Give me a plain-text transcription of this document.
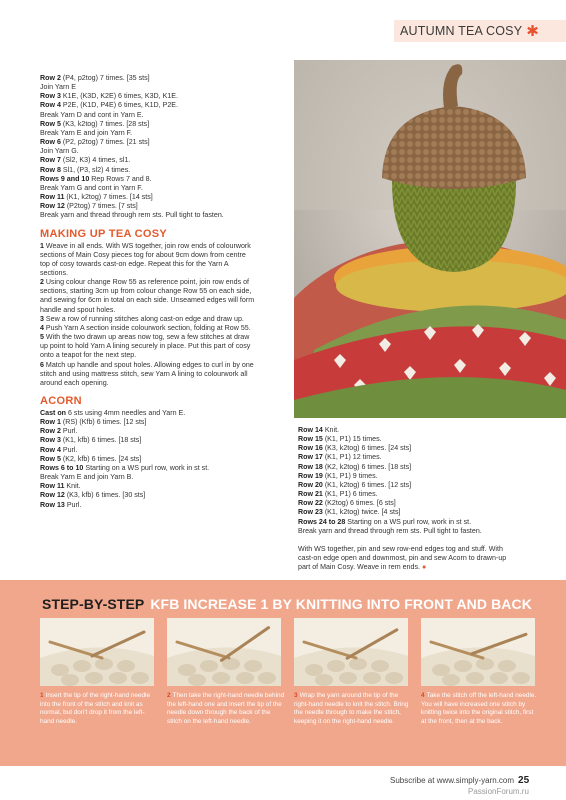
AUTUMN TEA COSY ✱
Row 2 (P4, p2tog) 7 times. [35 sts]
Join Yarn E
Row 3 K1E, (K3D, K2E) 6 times, K3D, K1E.
Row 4 P2E, (K1D, P4E) 6 times, K1D, P2E.
Break Yarn D and cont in Yarn E.
Row 5 (K3, k2tog) 7 times. [28 sts]
Break Yarn E and join Yarn F.
Row 6 (P2, p2tog) 7 times. [21 sts]
Join Yarn G.
Row 7 (Sl2, K3) 4 times, sl1.
Row 8 Sl1, (P3, sl2) 4 times.
Rows 9 and 10 Rep Rows 7 and 8.
Break Yarn G and cont in Yarn F.
Row 11 (K1, k2tog) 7 times. [14 sts]
Row 12 (P2tog) 7 times. [7 sts]
Break yarn and thread through rem sts. Pull tight to fasten.
MAKING UP TEA COSY
1 Weave in all ends. With WS together, join row ends of colourwork
sections of Main Cosy pieces tog for about 9cm down from centre
top of cosy towards cast-on edge. Repeat this for the Yarn A
sections.
2 Using colour change Row 55 as reference point, join row ends of
sections, starting 3cm up from colour change Row 55 on each side,
and sewing for 6cm in total on each side. Unseamed edges will form
handle and spout holes.
3 Sew a row of running stitches along cast-on edge and draw up.
4 Push Yarn A section inside colourwork section, folding at Row 55.
5 With the two drawn up areas now tog, sew a few stitches at draw
up point to hold Yarn A lining securely in place. Put this part of cosy
onto a teapot for the next step.
6 Match up handle and spout holes. Allowing edges to curl in by one
stitch and using mattress stitch, sew Yarn A lining to colourwork all
around each opening.
ACORN
Cast on 6 sts using 4mm needles and Yarn E.
Row 1 (RS) (Kfb) 6 times. [12 sts]
Row 2 Purl.
Row 3 (K1, kfb) 6 times. [18 sts]
Row 4 Purl.
Row 5 (K2, kfb) 6 times. [24 sts]
Rows 6 to 10 Starting on a WS purl row, work in st st.
Break Yarn E and join Yarn B.
Row 11 Knit.
Row 12 (K3, kfb) 6 times. [30 sts]
Row 13 Purl.
Row 14 Knit.
Row 15 (K1, P1) 15 times.
Row 16 (K3, k2tog) 6 times. [24 sts]
Row 17 (K1, P1) 12 times.
Row 18 (K2, k2tog) 6 times. [18 sts]
Row 19 (K1, P1) 9 times.
Row 20 (K1, k2tog) 6 times. [12 sts]
Row 21 (K1, P1) 6 times.
Row 22 (K2tog) 6 times. [6 sts]
Row 23 (K1, k2tog) twice. [4 sts]
Rows 24 to 28 Starting on a WS purl row, work in st st.
Break yarn and thread through rem sts. Pull tight to fasten.
With WS together, pin and sew row-end edges tog and stuff. With
cast-on edge open and downmost, pin and sew Acorn to drawn-up
part of Main Cosy. Weave in rem ends. ●
STEP-BY-STEP KFB INCREASE 1 BY KNITTING INTO FRONT AND BACK
1 Insert the tip of the right-hand needle into the front of the stitch and knit as normal, but don't drop it from the left-hand needle.
2 Then take the right-hand needle behind the left-hand one and insert the tip of the needle down through the back of the stitch on the left-hand needle.
3 Wrap the yarn around the tip of the right-hand needle to knit the stitch. Bring the needle through to make the stitch, keeping it on the right-hand needle.
4 Take the stitch off the left-hand needle. You will have increased one stitch by knitting twice into the original stitch, first at the front, then at the back.
Subscribe at www.simply-yarn.com 25
PassionForum.ru
